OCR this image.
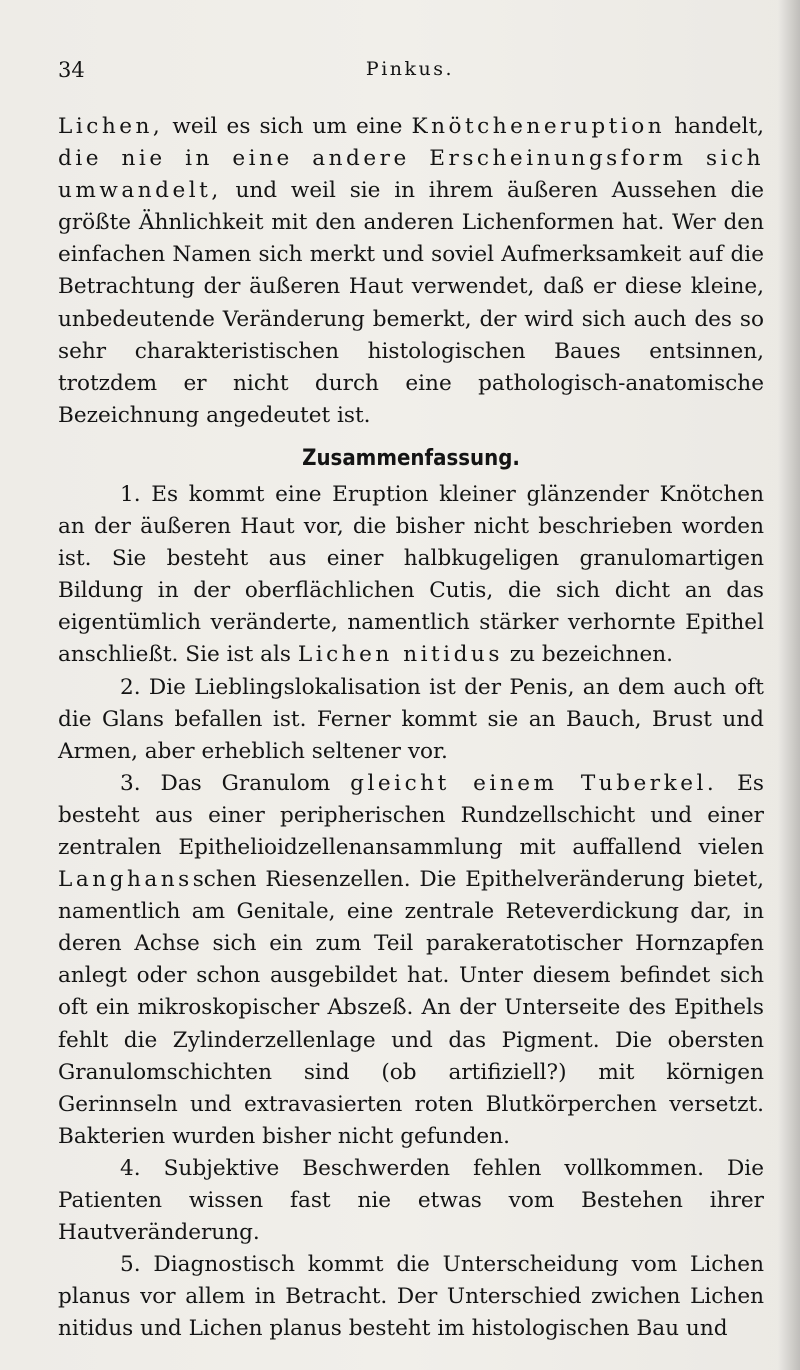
34	Pinkus.

Lichen, weil es sich um eine Knötcheneruption handelt, die nie in eine andere Erscheinungsform sich umwandelt, und weil sie in ihrem äußeren Aussehen die größte Ähnlichkeit mit den anderen Lichenformen hat. Wer den einfachen Namen sich merkt und soviel Aufmerksamkeit auf die Betrachtung der äußeren Haut verwendet, daß er diese kleine, unbedeutende Veränderung bemerkt, der wird sich auch des so sehr charakteristischen histologischen Baues entsinnen, trotzdem er nicht durch eine pathologisch-anatomische Bezeichnung angedeutet ist.

Zusammenfassung.

1. Es kommt eine Eruption kleiner glänzender Knötchen an der äußeren Haut vor, die bisher nicht beschrieben worden ist. Sie besteht aus einer halbkugeligen granulomartigen Bildung in der oberflächlichen Cutis, die sich dicht an das eigentümlich veränderte, namentlich stärker verhornte Epithel anschließt. Sie ist als Lichen nitidus zu bezeichnen.

2. Die Lieblingslokalisation ist der Penis, an dem auch oft die Glans befallen ist. Ferner kommt sie an Bauch, Brust und Armen, aber erheblich seltener vor.

3. Das Granulom gleicht einem Tuberkel. Es besteht aus einer peripherischen Rundzellschicht und einer zentralen Epithelioidzellenansammlung mit auffallend vielen Langhansschen Riesenzellen. Die Epithelveränderung bietet, namentlich am Genitale, eine zentrale Reteverdickung dar, in deren Achse sich ein zum Teil parakeratotischer Hornzapfen anlegt oder schon ausgebildet hat. Unter diesem befindet sich oft ein mikroskopischer Abszeß. An der Unterseite des Epithels fehlt die Zylinderzellenlage und das Pigment. Die obersten Granulomschichten sind (ob artifiziell?) mit körnigen Gerinnseln und extravasierten roten Blutkörperchen versetzt. Bakterien wurden bisher nicht gefunden.

4. Subjektive Beschwerden fehlen vollkommen. Die Patienten wissen fast nie etwas vom Bestehen ihrer Hautveränderung.

5. Diagnostisch kommt die Unterscheidung vom Lichen planus vor allem in Betracht. Der Unterschied zwichen Lichen nitidus und Lichen planus besteht im histologischen Bau und
